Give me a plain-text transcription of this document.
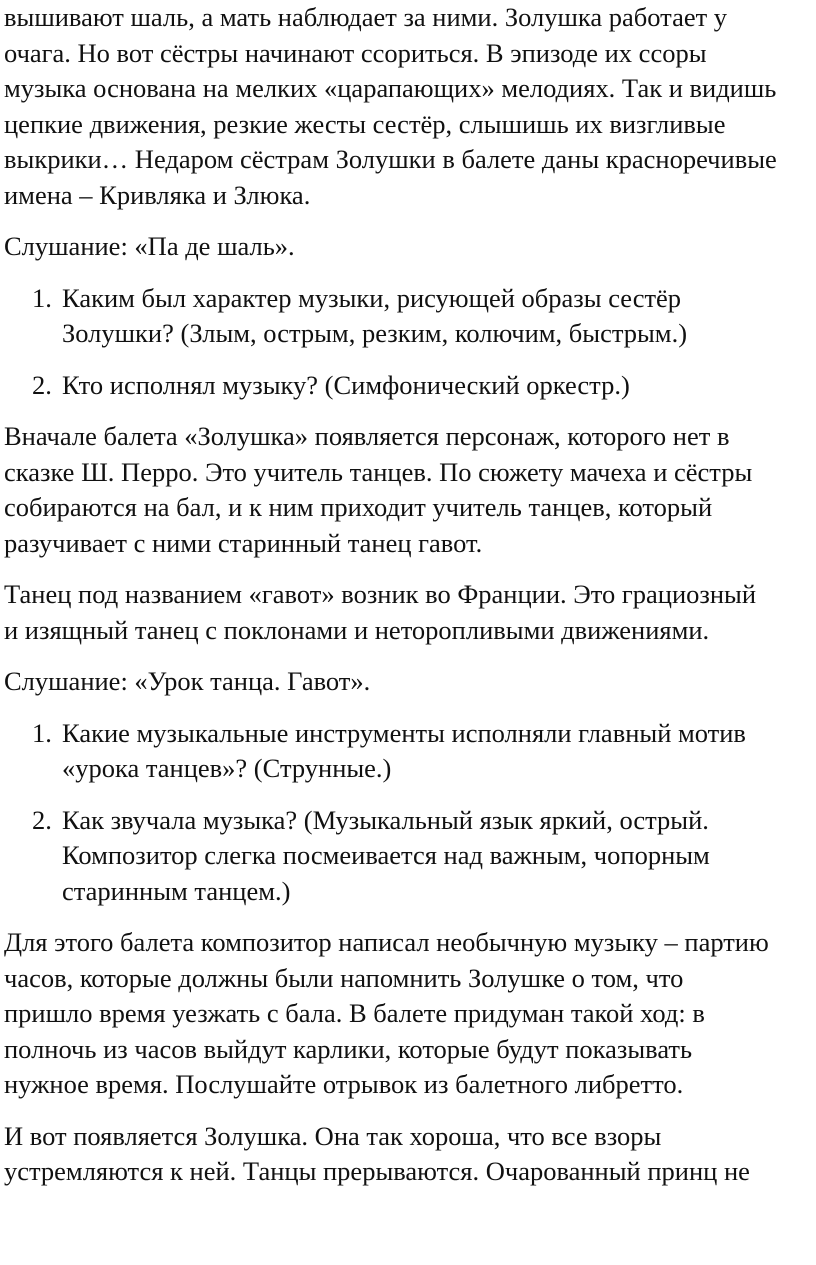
вышивают шаль, а мать наблюдает за ними. Золушка работает у
очага. Но вот сёстры начинают ссориться. В эпизоде их ссоры
музыка основана на мелких «царапающих» мелодиях. Так и видишь
цепкие движения, резкие жесты сестёр, слышишь их визгливые
выкрики… Недаром сёстрам Золушки в балете даны красноречивые
имена – Кривляка и Злюка.

Слушание: «Па де шаль».

1. Каким был характер музыки, рисующей образы сестёр
Золушки? (Злым, острым, резким, колючим, быстрым.)
2. Кто исполнял музыку? (Симфонический оркестр.)

Вначале балета «Золушка» появляется персонаж, которого нет в
сказке Ш. Перро. Это учитель танцев. По сюжету мачеха и сёстры
собираются на бал, и к ним приходит учитель танцев, который
разучивает с ними старинный танец гавот.

Танец под названием «гавот» возник во Франции. Это грациозный
и изящный танец с поклонами и неторопливыми движениями.

Слушание: «Урок танца. Гавот».

1. Какие музыкальные инструменты исполняли главный мотив
«урока танцев»? (Струнные.)
2. Как звучала музыка? (Музыкальный язык яркий, острый.
Композитор слегка посмеивается над важным, чопорным
старинным танцем.)

Для этого балета композитор написал необычную музыку – партию
часов, которые должны были напомнить Золушке о том, что
пришло время уезжать с бала. В балете придуман такой ход: в
полночь из часов выйдут карлики, которые будут показывать
нужное время. Послушайте отрывок из балетного либретто.

И вот появляется Золушка. Она так хороша, что все взоры
устремляются к ней. Танцы прерываются. Очарованный принц не
